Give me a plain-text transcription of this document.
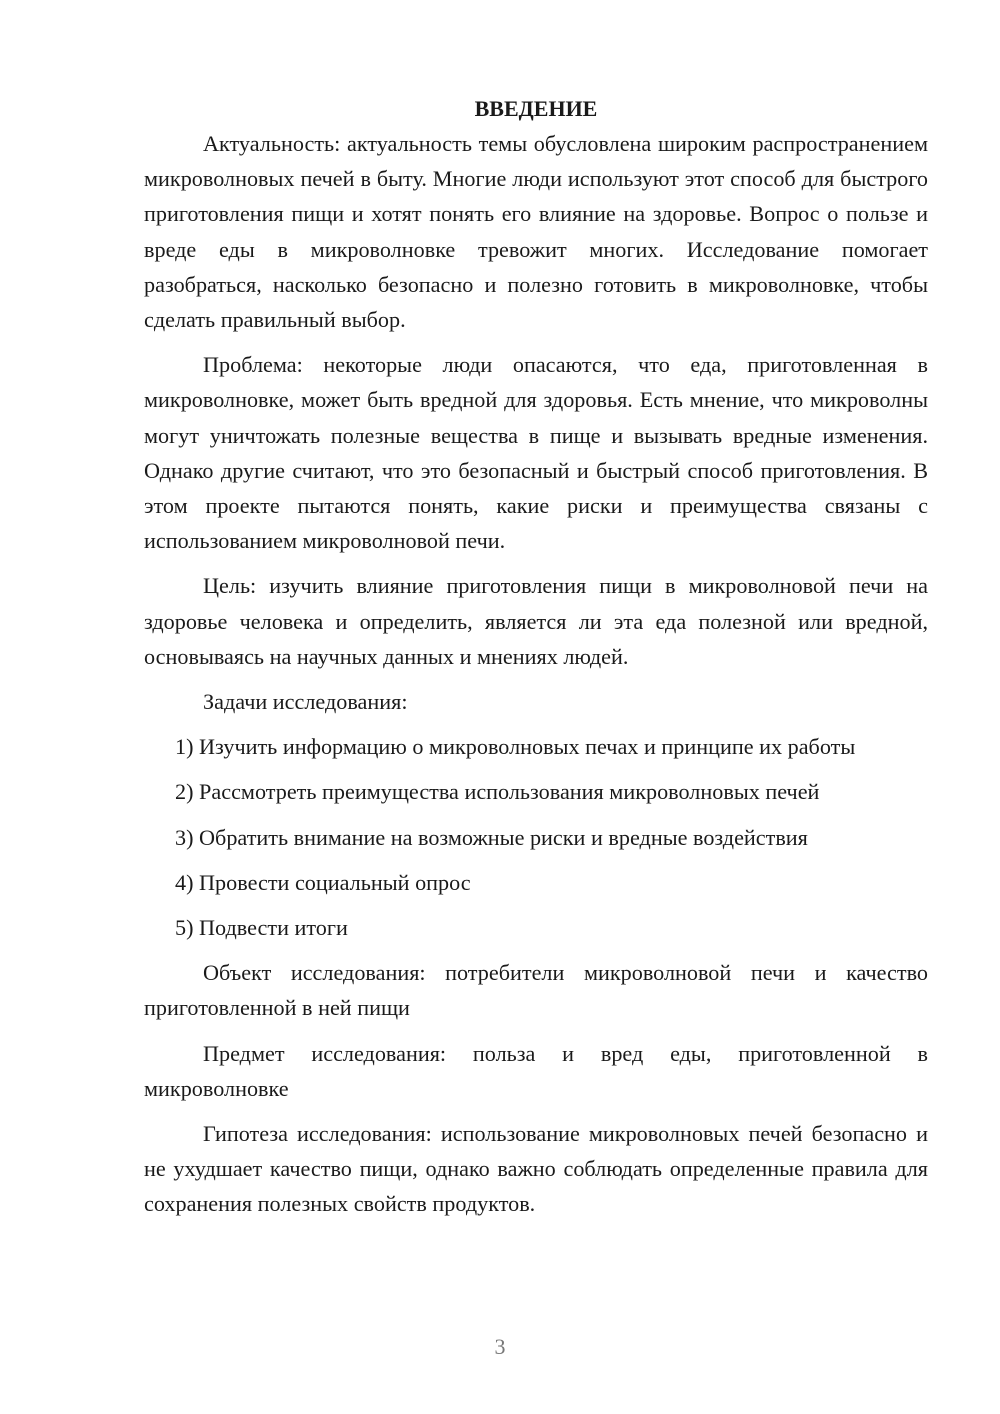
ВВЕДЕНИЕ

Актуальность: актуальность темы обусловлена широким распространением микроволновых печей в быту. Многие люди используют этот способ для быстрого приготовления пищи и хотят понять его влияние на здоровье. Вопрос о пользе и вреде еды в микроволновке тревожит многих. Исследование помогает разобраться, насколько безопасно и полезно готовить в микроволновке, чтобы сделать правильный выбор.

Проблема: некоторые люди опасаются, что еда, приготовленная в микроволновке, может быть вредной для здоровья. Есть мнение, что микроволны могут уничтожать полезные вещества в пище и вызывать вредные изменения. Однако другие считают, что это безопасный и быстрый способ приготовления. В этом проекте пытаются понять, какие риски и преимущества связаны с использованием микроволновой печи.

Цель: изучить влияние приготовления пищи в микроволновой печи на здоровье человека и определить, является ли эта еда полезной или вредной, основываясь на научных данных и мнениях людей.

Задачи исследования:

1) Изучить информацию о микроволновых печах и принципе их работы

2) Рассмотреть преимущества использования микроволновых печей

3) Обратить внимание на возможные риски и вредные воздействия

4) Провести социальный опрос

5) Подвести итоги

Объект исследования: потребители микроволновой печи и качество приготовленной в ней пищи

Предмет исследования: польза и вред еды, приготовленной в микроволновке

Гипотеза исследования: использование микроволновых печей безопасно и не ухудшает качество пищи, однако важно соблюдать определенные правила для сохранения полезных свойств продуктов.

3
